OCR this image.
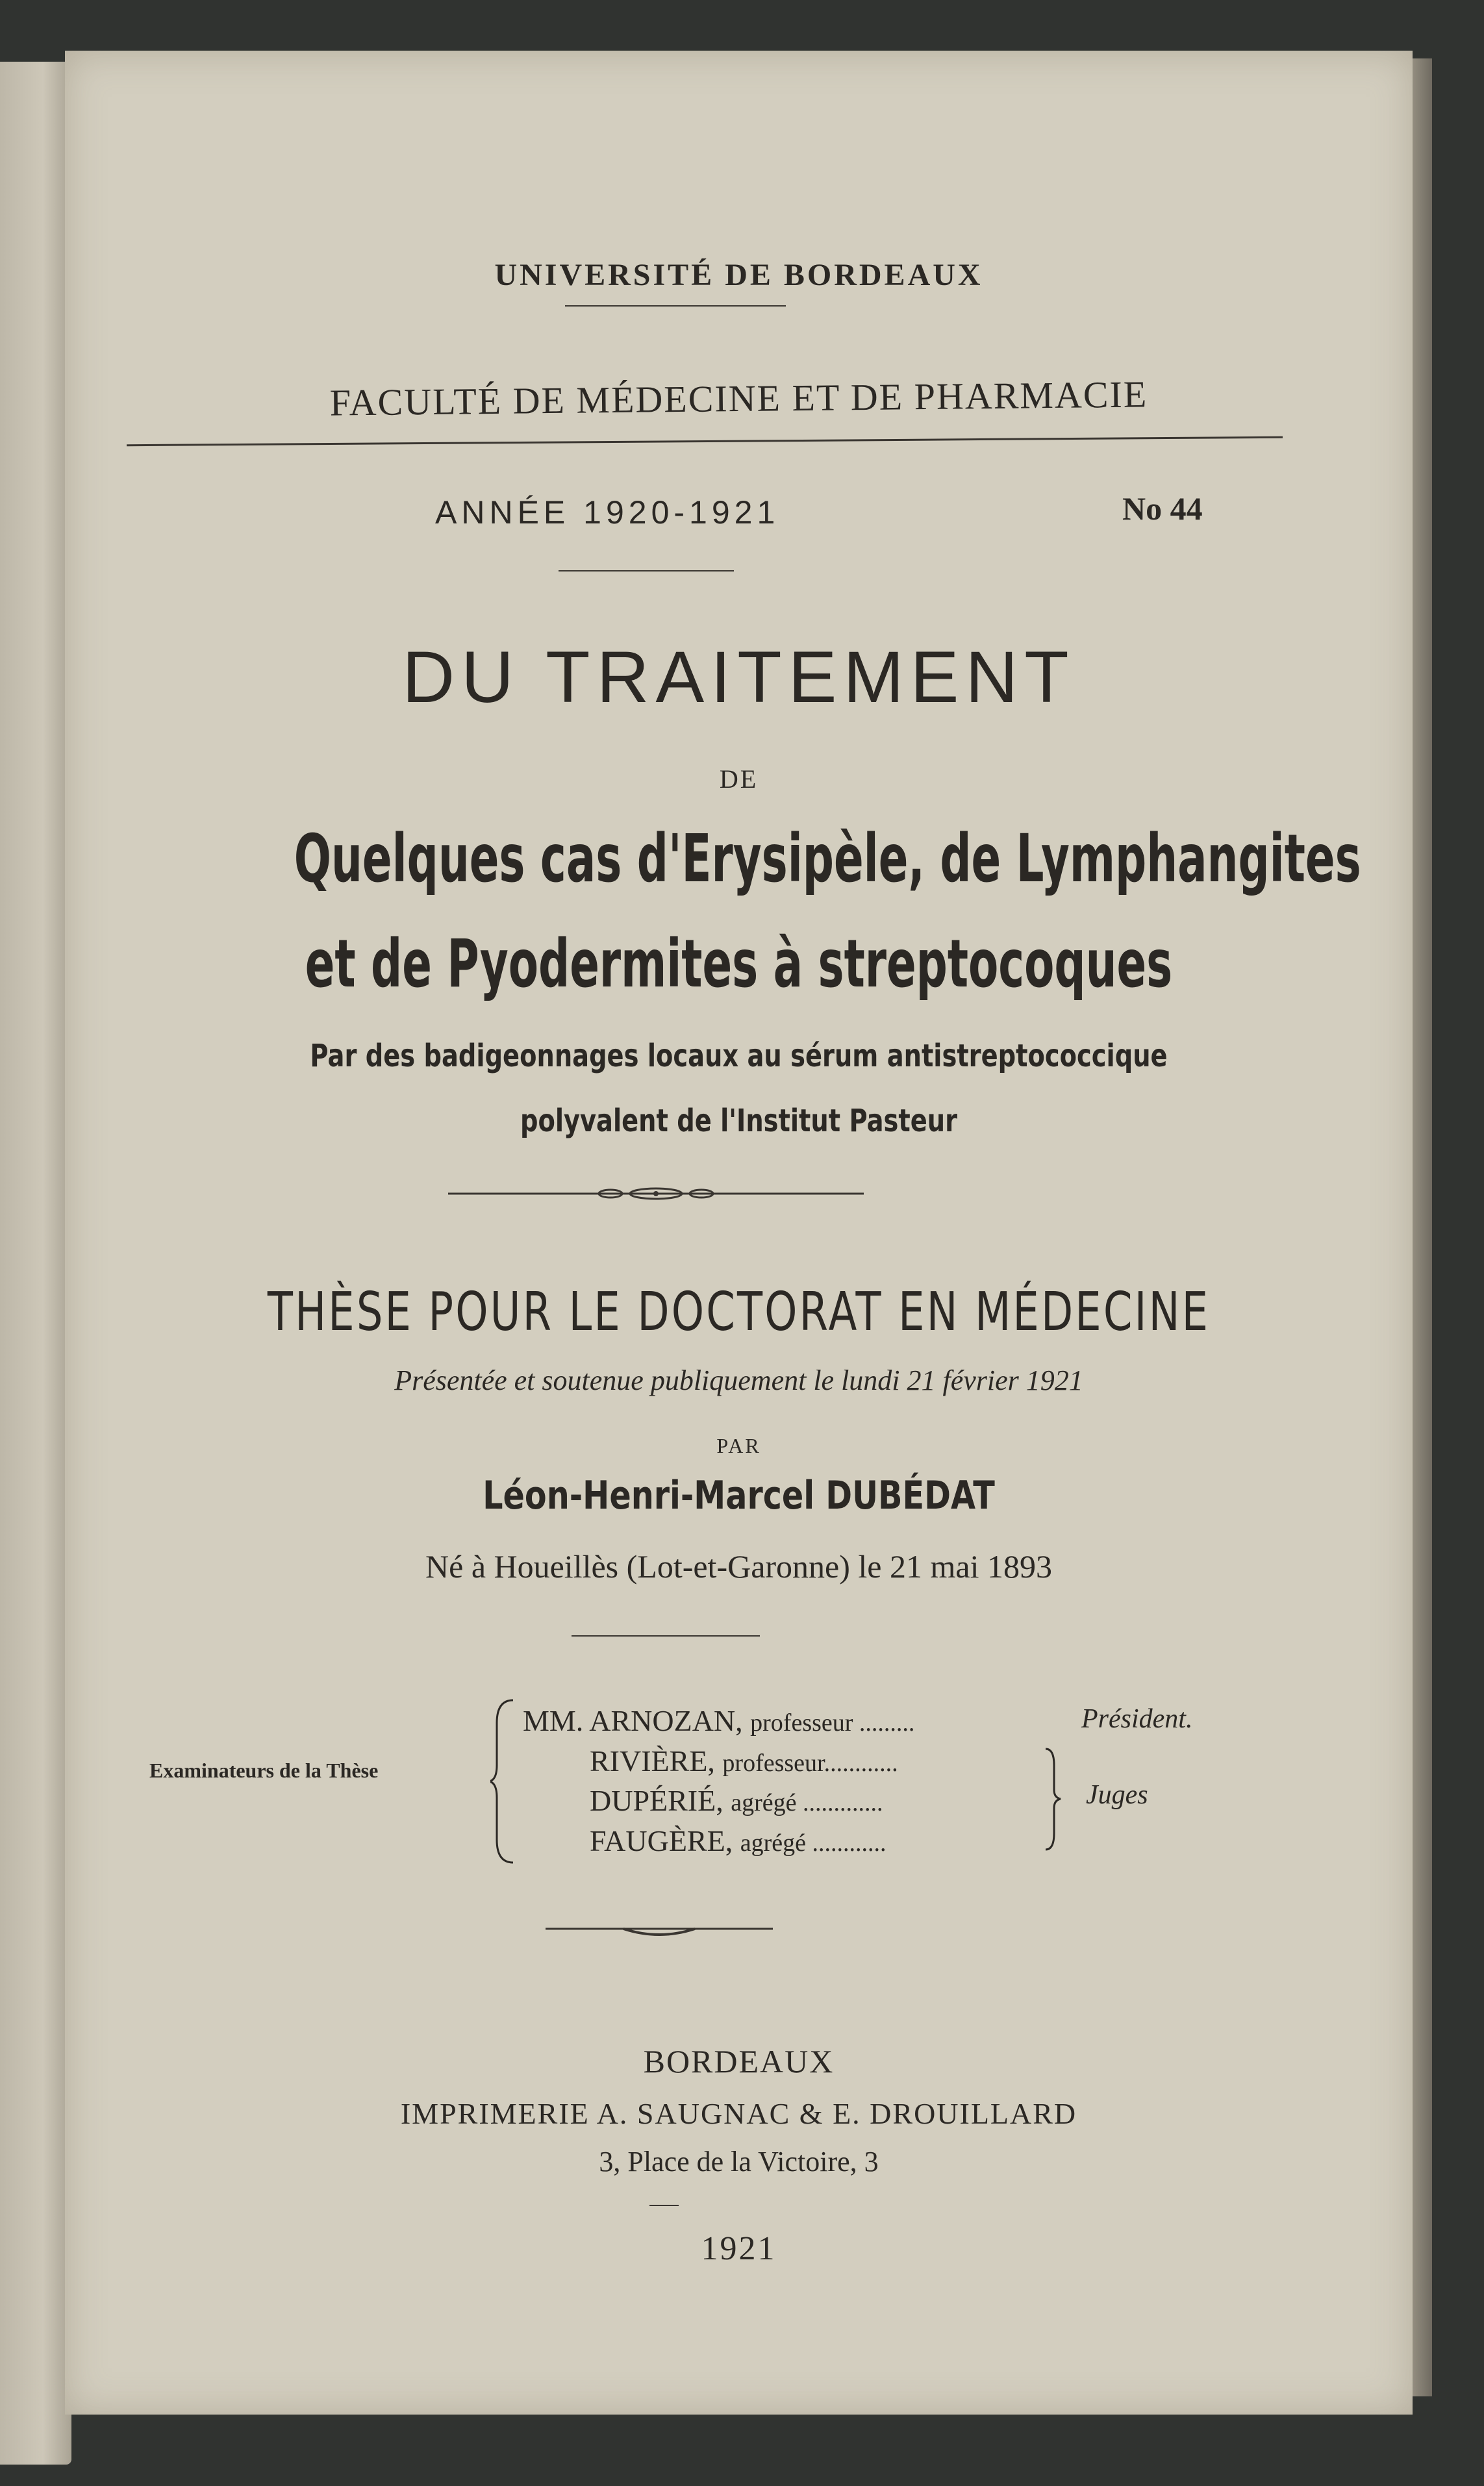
UNIVERSITÉ DE BORDEAUX
FACULTÉ DE MÉDECINE ET DE PHARMACIE
ANNÉE 1920-1921	No 44
DU TRAITEMENT
DE
Quelques cas d'Erysipèle, de Lymphangites
et de Pyodermites à streptocoques
Par des badigeonnages locaux au sérum antistreptococcique
polyvalent de l'Institut Pasteur
THÈSE POUR LE DOCTORAT EN MÉDECINE
Présentée et soutenue publiquement le lundi 21 février 1921
PAR
Léon-Henri-Marcel DUBÉDAT
Né à Houeillès (Lot-et-Garonne) le 21 mai 1893
Examinateurs de la Thèse
MM. ARNOZAN, professeur .........
RIVIÈRE, professeur............
DUPÉRIÉ, agrégé .............
FAUGÈRE, agrégé ............
Président.
Juges
BORDEAUX
IMPRIMERIE A. SAUGNAC & E. DROUILLARD
3, Place de la Victoire, 3
1921
